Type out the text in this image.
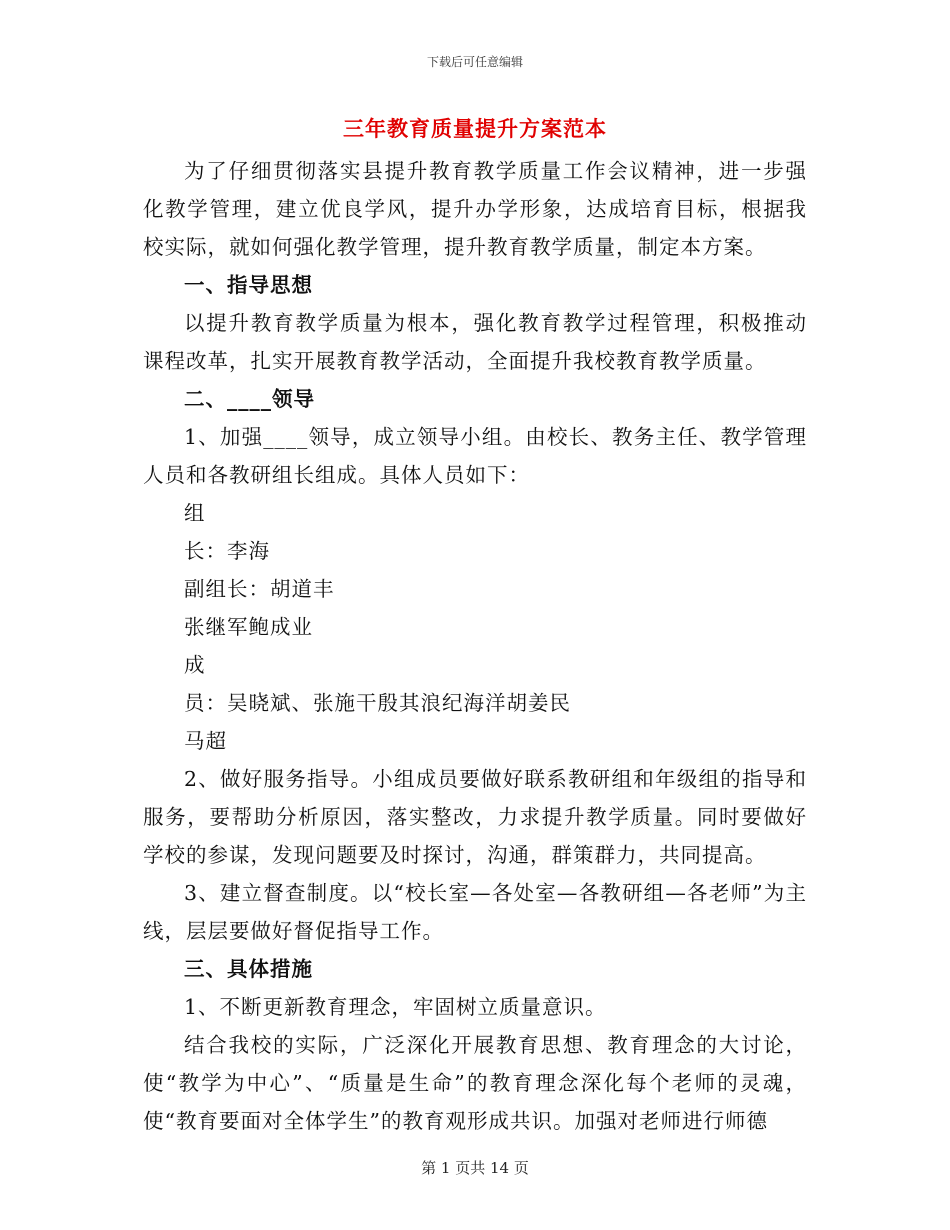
下载后可任意编辑
三年教育质量提升方案范本

为了仔细贯彻落实县提升教育教学质量工作会议精神，进一步强化教学管理，建立优良学风，提升办学形象，达成培育目标，根据我校实际，就如何强化教学管理，提升教育教学质量，制定本方案。

一、指导思想

以提升教育教学质量为根本，强化教育教学过程管理，积极推动课程改革，扎实开展教育教学活动，全面提升我校教育教学质量。

二、____领导

1、加强____领导，成立领导小组。由校长、教务主任、教学管理人员和各教研组长组成。具体人员如下：

组

长：李海

副组长：胡道丰

张继军鲍成业

成

员：吴晓斌、张施干殷其浪纪海洋胡姜民

马超

2、做好服务指导。小组成员要做好联系教研组和年级组的指导和服务，要帮助分析原因，落实整改，力求提升教学质量。同时要做好学校的参谋，发现问题要及时探讨，沟通，群策群力，共同提高。

3、建立督查制度。以“校长室—各处室—各教研组—各老师”为主线，层层要做好督促指导工作。

三、具体措施

1、不断更新教育理念，牢固树立质量意识。

结合我校的实际，广泛深化开展教育思想、教育理念的大讨论，使“教学为中心”、“质量是生命”的教育理念深化每个老师的灵魂，使“教育要面对全体学生”的教育观形成共识。加强对老师进行师德

第 1 页共 14 页
